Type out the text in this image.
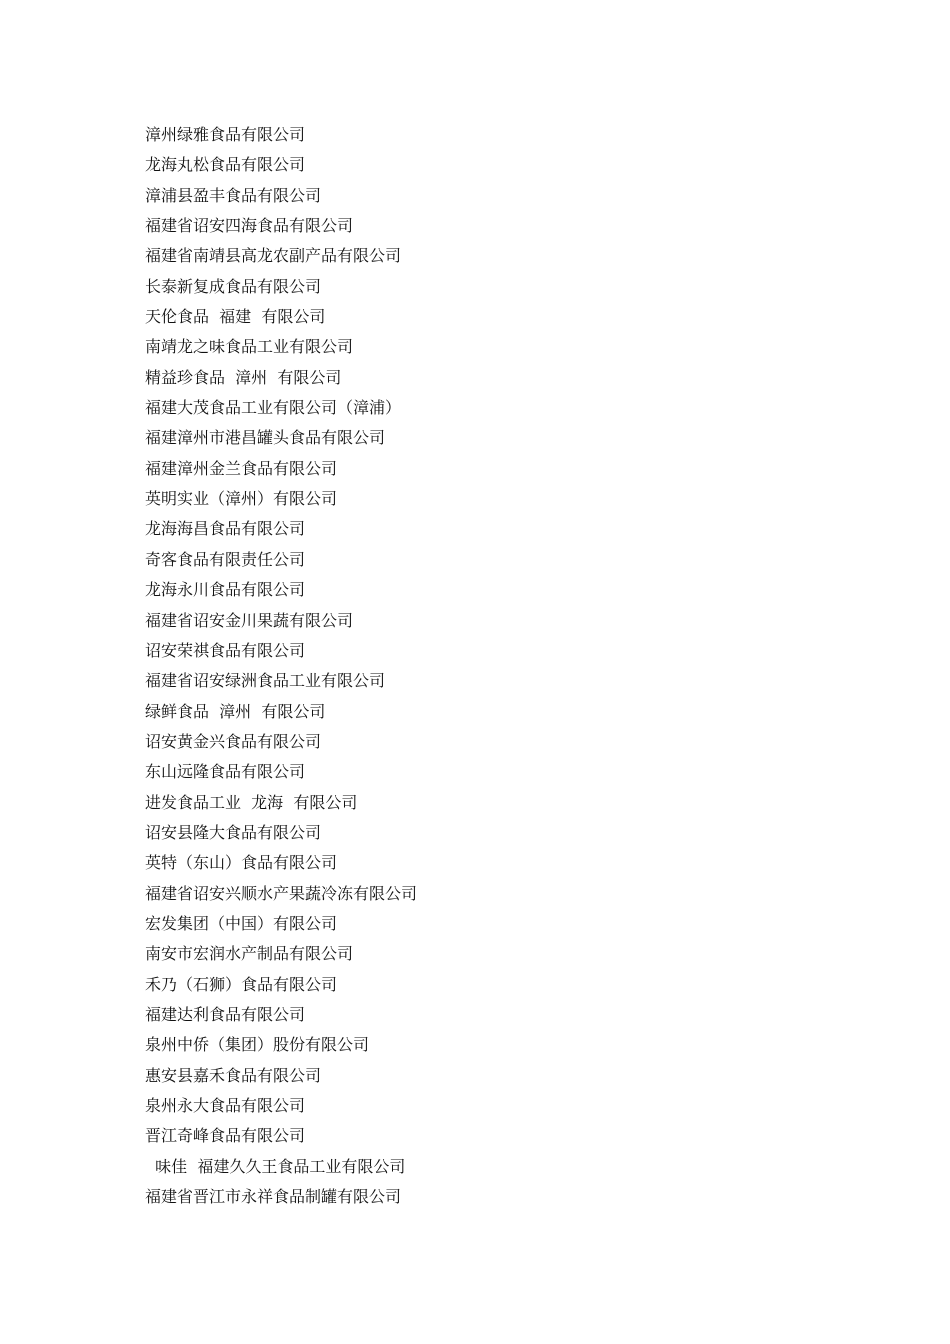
漳州绿雅食品有限公司
龙海丸松食品有限公司
漳浦县盈丰食品有限公司
福建省诏安四海食品有限公司
福建省南靖县高龙农副产品有限公司
长泰新复成食品有限公司
天伦食品  福建  有限公司
南靖龙之味食品工业有限公司
精益珍食品  漳州  有限公司
福建大茂食品工业有限公司（漳浦）
福建漳州市港昌罐头食品有限公司
福建漳州金兰食品有限公司
英明实业（漳州）有限公司
龙海海昌食品有限公司
奇客食品有限责任公司
龙海永川食品有限公司
福建省诏安金川果蔬有限公司
诏安荣祺食品有限公司
福建省诏安绿洲食品工业有限公司
绿鲜食品  漳州  有限公司
诏安黄金兴食品有限公司
东山远隆食品有限公司
进发食品工业  龙海  有限公司
诏安县隆大食品有限公司
英特（东山）食品有限公司
福建省诏安兴顺水产果蔬冷冻有限公司
宏发集团（中国）有限公司
南安市宏润水产制品有限公司
禾乃（石狮）食品有限公司
福建达利食品有限公司
泉州中侨（集团）股份有限公司
惠安县嘉禾食品有限公司
泉州永大食品有限公司
晋江奇峰食品有限公司
味佳  福建久久王食品工业有限公司
福建省晋江市永祥食品制罐有限公司
